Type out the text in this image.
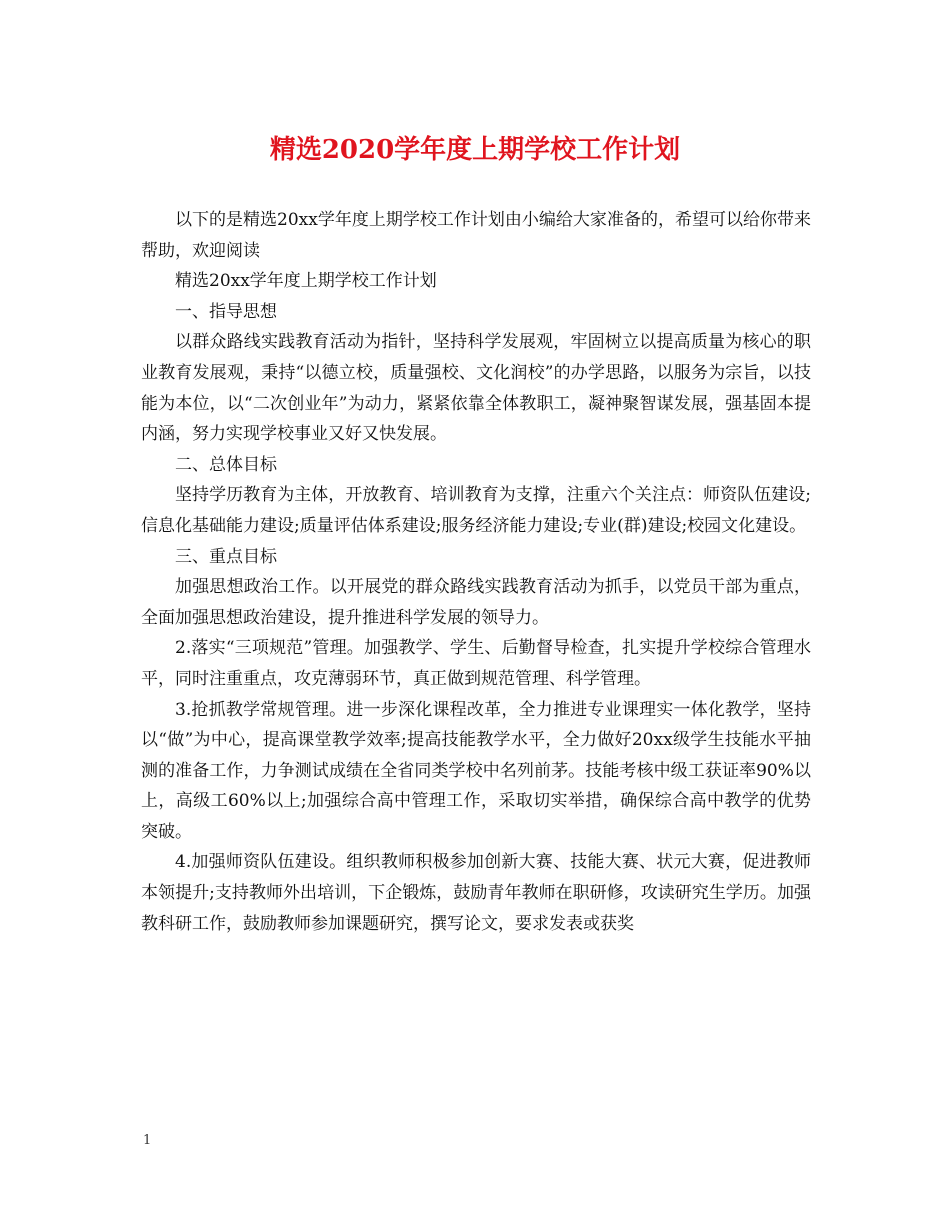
精选2020学年度上期学校工作计划

以下的是精选20xx学年度上期学校工作计划由小编给大家准备的，希望可以给你带来帮助，欢迎阅读

精选20xx学年度上期学校工作计划

一、指导思想

以群众路线实践教育活动为指针，坚持科学发展观，牢固树立以提高质量为核心的职业教育发展观，秉持“以德立校，质量强校、文化润校”的办学思路，以服务为宗旨，以技能为本位，以“二次创业年”为动力，紧紧依靠全体教职工，凝神聚智谋发展，强基固本提内涵，努力实现学校事业又好又快发展。

二、总体目标

坚持学历教育为主体，开放教育、培训教育为支撑，注重六个关注点：师资队伍建设;信息化基础能力建设;质量评估体系建设;服务经济能力建设;专业(群)建设;校园文化建设。

三、重点目标

加强思想政治工作。以开展党的群众路线实践教育活动为抓手，以党员干部为重点，全面加强思想政治建设，提升推进科学发展的领导力。

2.落实“三项规范”管理。加强教学、学生、后勤督导检查，扎实提升学校综合管理水平，同时注重重点，攻克薄弱环节，真正做到规范管理、科学管理。

3.抢抓教学常规管理。进一步深化课程改革，全力推进专业课理实一体化教学，坚持以“做”为中心，提高课堂教学效率;提高技能教学水平，全力做好20xx级学生技能水平抽测的准备工作，力争测试成绩在全省同类学校中名列前茅。技能考核中级工获证率90%以上，高级工60%以上;加强综合高中管理工作，采取切实举措，确保综合高中教学的优势突破。

4.加强师资队伍建设。组织教师积极参加创新大赛、技能大赛、状元大赛，促进教师本领提升;支持教师外出培训，下企锻炼，鼓励青年教师在职研修，攻读研究生学历。加强教科研工作，鼓励教师参加课题研究，撰写论文，要求发表或获奖

1
